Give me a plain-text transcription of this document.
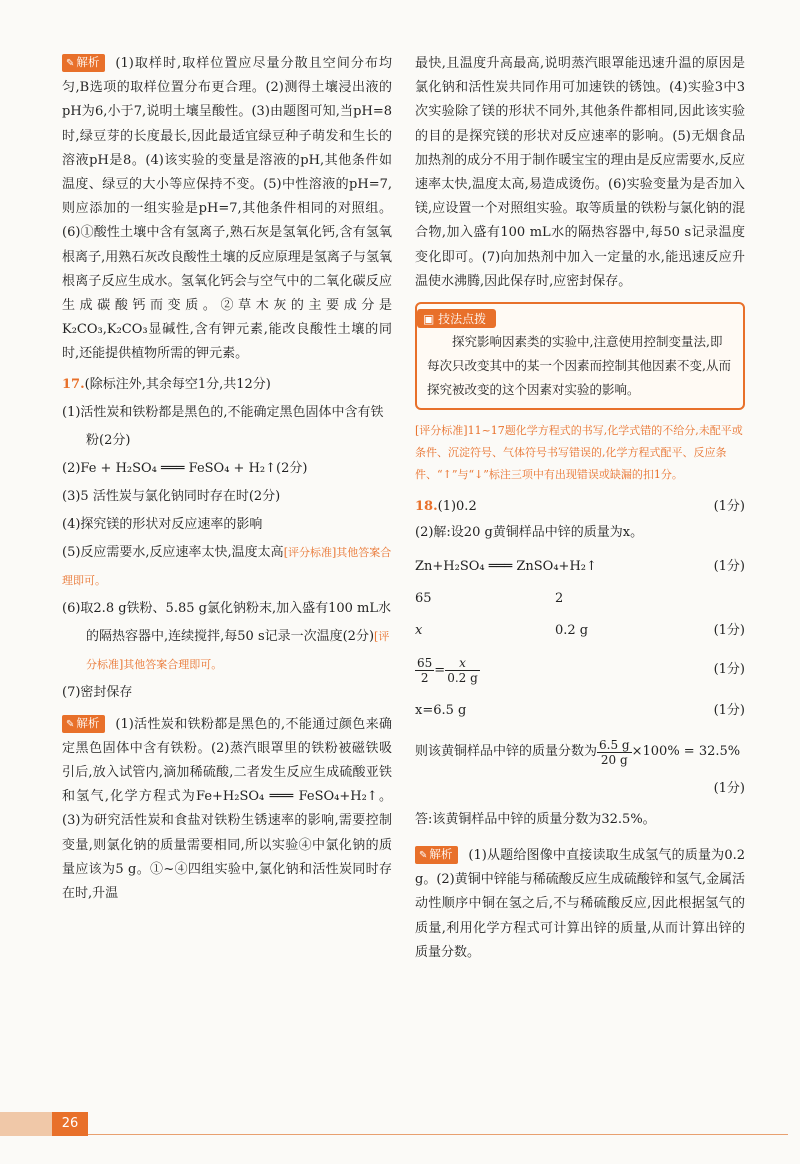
✎ 解析 (1)取样时,取样位置应尽量分散且空间分布均匀,B选项的取样位置分布更合理。(2)测得土壤浸出液的pH为6,小于7,说明土壤呈酸性。(3)由题图可知,当pH=8时,绿豆芽的长度最长,因此最适宜绿豆种子萌发和生长的溶液pH是8。(4)该实验的变量是溶液的pH,其他条件如温度、绿豆的大小等应保持不变。(5)中性溶液的pH=7,则应添加的一组实验是pH=7,其他条件相同的对照组。(6)①酸性土壤中含有氢离子,熟石灰是氢氧化钙,含有氢氧根离子,用熟石灰改良酸性土壤的反应原理是氢离子与氢氧根离子反应生成水。氢氧化钙会与空气中的二氧化碳反应生成碳酸钙而变质。②草木灰的主要成分是K₂CO₃,K₂CO₃显碱性,含有钾元素,能改良酸性土壤的同时,还能提供植物所需的钾元素。

17.(除标注外,其余每空1分,共12分)

(1)活性炭和铁粉都是黑色的,不能确定黑色固体中含有铁粉(2分)

(2)Fe + H₂SO₄ ═══ FeSO₄ + H₂↑(2分)

(3)5 活性炭与氯化钠同时存在时(2分)

(4)探究镁的形状对反应速率的影响

(5)反应需要水,反应速率太快,温度太高[评分标准]其他答案合理即可。

(6)取2.8 g铁粉、5.85 g氯化钠粉末,加入盛有100 mL水的隔热容器中,连续搅拌,每50 s记录一次温度(2分)[评分标准]其他答案合理即可。

(7)密封保存

✎ 解析 (1)活性炭和铁粉都是黑色的,不能通过颜色来确定黑色固体中含有铁粉。(2)蒸汽眼罩里的铁粉被磁铁吸引后,放入试管内,滴加稀硫酸,二者发生反应生成硫酸亚铁和氢气,化学方程式为Fe+H₂SO₄ ═══ FeSO₄+H₂↑。(3)为研究活性炭和食盐对铁粉生锈速率的影响,需要控制变量,则氯化钠的质量需要相同,所以实验④中氯化钠的质量应该为5 g。①~④四组实验中,氯化钠和活性炭同时存在时,升温

最快,且温度升高最高,说明蒸汽眼罩能迅速升温的原因是氯化钠和活性炭共同作用可加速铁的锈蚀。(4)实验3中3次实验除了镁的形状不同外,其他条件都相同,因此该实验的目的是探究镁的形状对反应速率的影响。(5)无烟食品加热剂的成分不用于制作暖宝宝的理由是反应需要水,反应速率太快,温度太高,易造成烫伤。(6)实验变量为是否加入镁,应设置一个对照组实验。取等质量的铁粉与氯化钠的混合物,加入盛有100 mL水的隔热容器中,每50 s记录温度变化即可。(7)向加热剂中加入一定量的水,能迅速反应升温使水沸腾,因此保存时,应密封保存。

▣ 技法点拨

探究影响因素类的实验中,注意使用控制变量法,即每次只改变其中的某一个因素而控制其他因素不变,从而探究被改变的这个因素对实验的影响。

[评分标准]11~17题化学方程式的书写,化学式错的不给分,未配平或条件、沉淀符号、气体符号书写错误的,化学方程式配平、反应条件、“↑”与“↓”标注三项中有出现错误或缺漏的扣1分。

18.(1)0.2	(1分)
(2)解:设20 g黄铜样品中锌的质量为x。
Zn+H₂SO₄ ═══ ZnSO₄+H₂↑	(1分)
65	2
x	0.2 g	(1分)
$\frac{65}{2} = \frac{x}{0.2 g}$	(1分)
x=6.5 g	(1分)
则该黄铜样品中锌的质量分数为 $\frac{6.5 g}{20 g} \times 100\% = 32.5\%$
(1分)
答:该黄铜样品中锌的质量分数为32.5%。

✎ 解析 (1)从题给图像中直接读取生成氢气的质量为0.2 g。(2)黄铜中锌能与稀硫酸反应生成硫酸锌和氢气,金属活动性顺序中铜在氢之后,不与稀硫酸反应,因此根据氢气的质量,利用化学方程式可计算出锌的质量,从而计算出锌的质量分数。

26
